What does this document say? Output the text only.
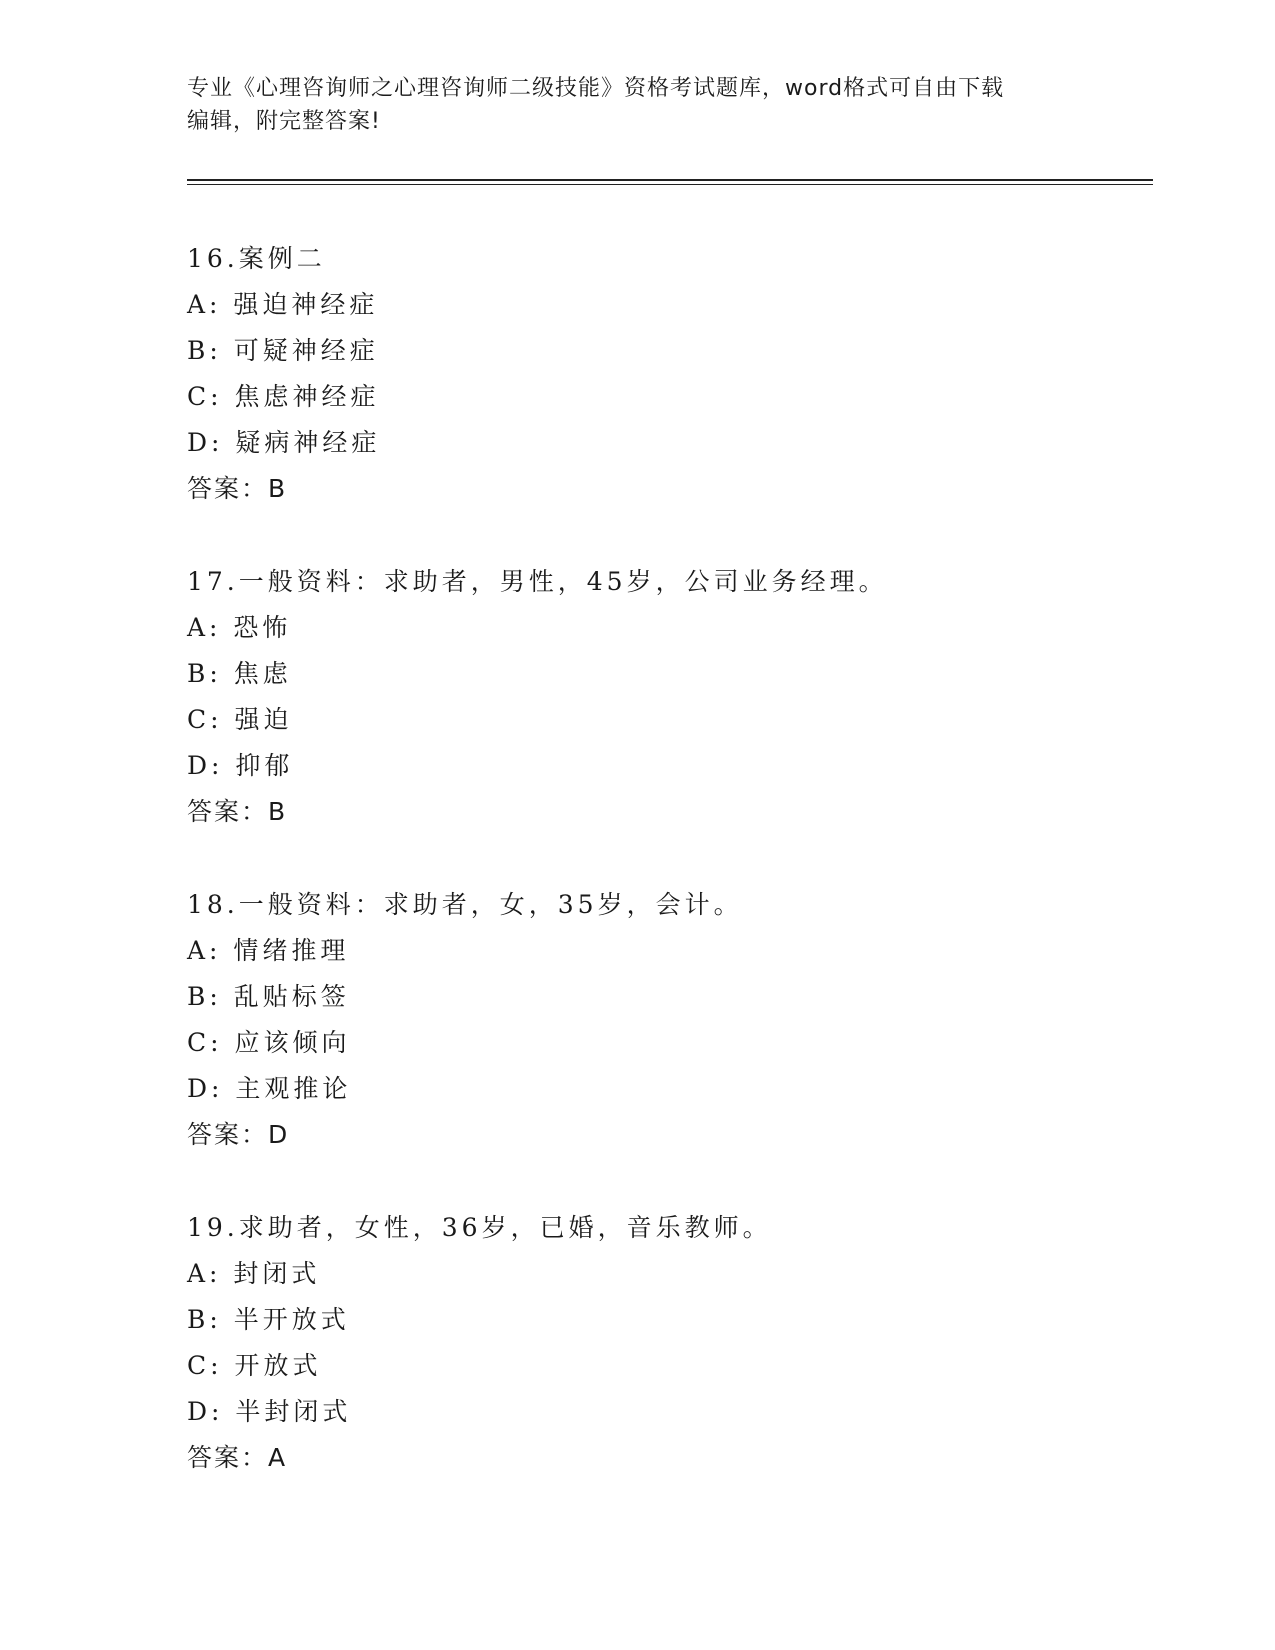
专业《心理咨询师之心理咨询师二级技能》资格考试题库，word格式可自由下载
编辑，附完整答案!
16.案例二
A: 强迫神经症
B: 可疑神经症
C: 焦虑神经症
D: 疑病神经症
答案：B
17.一般资料：求助者，男性，45岁，公司业务经理。
A: 恐怖
B: 焦虑
C: 强迫
D: 抑郁
答案：B
18.一般资料：求助者，女，35岁，会计。
A: 情绪推理
B: 乱贴标签
C: 应该倾向
D: 主观推论
答案：D
19.求助者，女性，36岁，已婚，音乐教师。
A: 封闭式
B: 半开放式
C: 开放式
D: 半封闭式
答案：A
